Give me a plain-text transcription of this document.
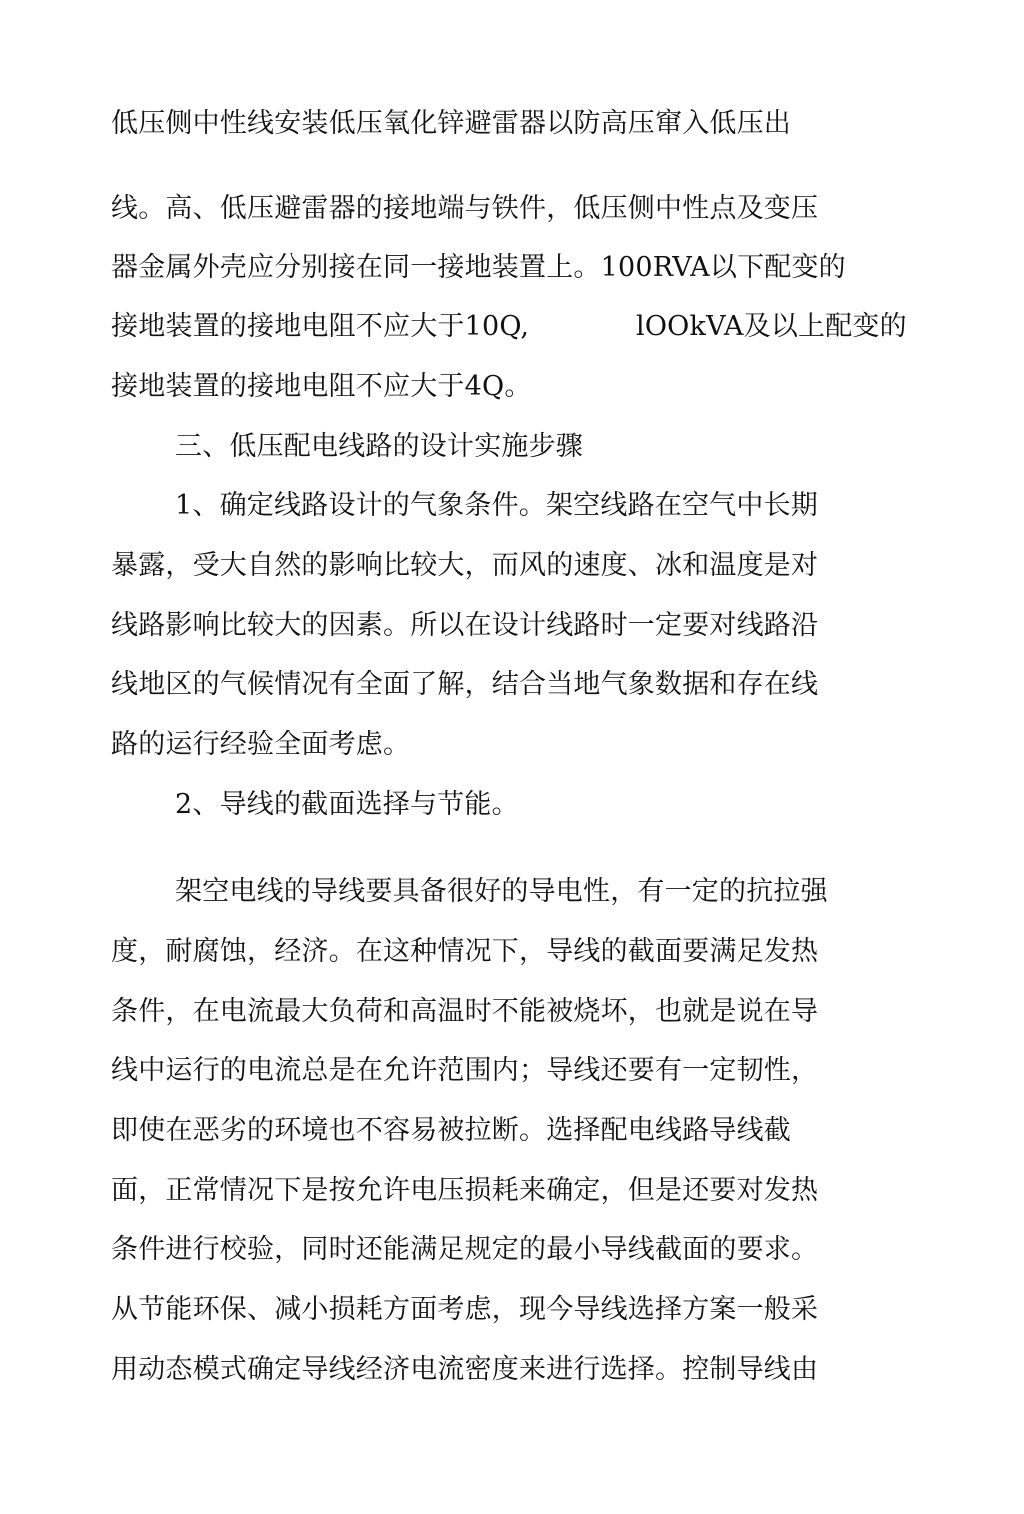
低压侧中性线安装低压氧化锌避雷器以防高压窜入低压出
线。高、低压避雷器的接地端与铁件，低压侧中性点及变压
器金属外壳应分别接在同一接地装置上。100RVA以下配变的
接地装置的接地电阻不应大于10Q,	lOOkVA及以上配变的
接地装置的接地电阻不应大于4Q。
三、低压配电线路的设计实施步骤
1、确定线路设计的气象条件。架空线路在空气中长期
暴露，受大自然的影响比较大，而风的速度、冰和温度是对
线路影响比较大的因素。所以在设计线路时一定要对线路沿
线地区的气候情况有全面了解，结合当地气象数据和存在线
路的运行经验全面考虑。
2、导线的截面选择与节能。
架空电线的导线要具备很好的导电性，有一定的抗拉强
度，耐腐蚀，经济。在这种情况下，导线的截面要满足发热
条件，在电流最大负荷和高温时不能被烧坏，也就是说在导
线中运行的电流总是在允许范围内；导线还要有一定韧性，
即使在恶劣的环境也不容易被拉断。选择配电线路导线截
面，正常情况下是按允许电压损耗来确定，但是还要对发热
条件进行校验，同时还能满足规定的最小导线截面的要求。
从节能环保、减小损耗方面考虑，现今导线选择方案一般采
用动态模式确定导线经济电流密度来进行选择。控制导线由
